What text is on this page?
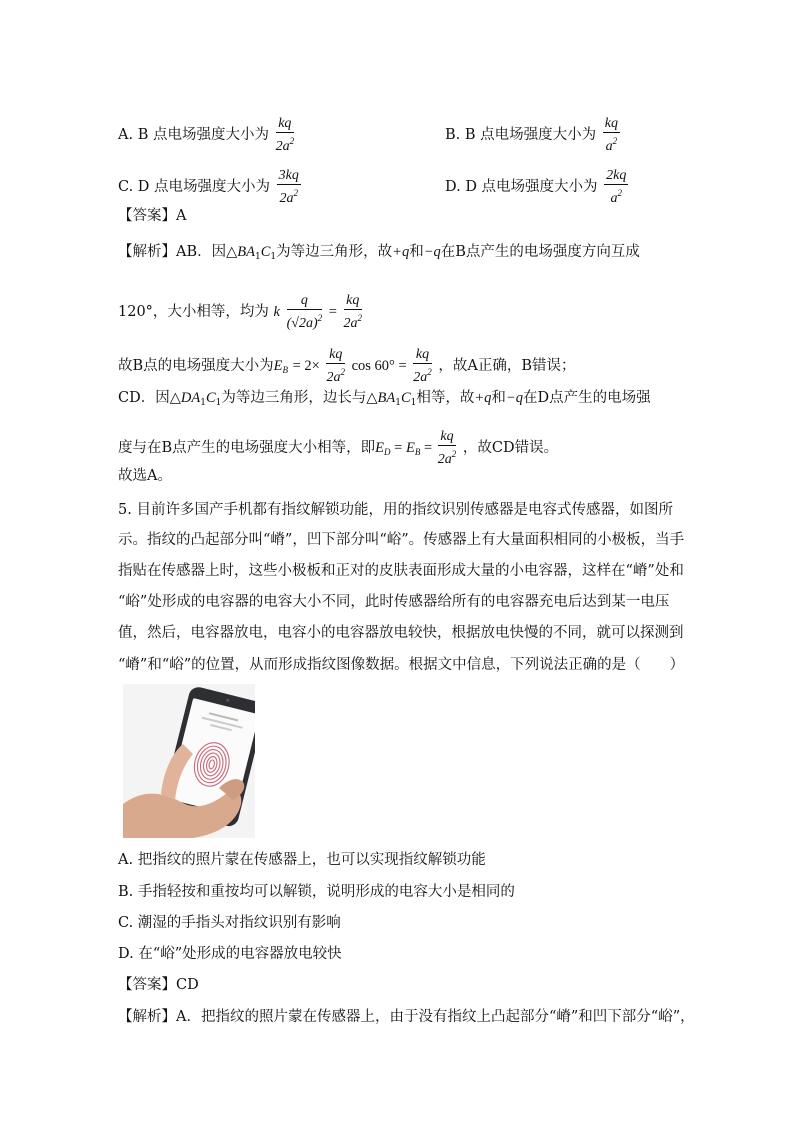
A. B 点电场强度大小为 $\frac{kq}{2a^2}$	B. B 点电场强度大小为 $\frac{kq}{a^2}$
C. D 点电场强度大小为 $\frac{3kq}{2a^2}$	D. D 点电场强度大小为 $\frac{2kq}{a^2}$
【答案】A
【解析】AB．因$\triangle BA_1C_1$为等边三角形，故+q和−q在B点产生的电场强度方向互成
120°，大小相等，均为 k $\frac{q}{(√2a)^2} = \frac{kq}{2a^2}$
故B点的电场强度大小为$E_B = 2\times \frac{kq}{2a^2}$ $\cos 60^\circ = \frac{kq}{2a^2}$ ，故A正确，B错误；
CD．因$\triangle DA_1C_1$为等边三角形，边长与$\triangle BA_1C_1$相等，故+q和−q在D点产生的电场强
度与在B点产生的电场强度大小相等，即$E_D = E_B = \frac{kq}{2a^2}$ ，故CD错误。
故选A。
5. 目前许多国产手机都有指纹解锁功能，用的指纹识别传感器是电容式传感器，如图所
示。指纹的凸起部分叫“嵴”，凹下部分叫“峪”。传感器上有大量面积相同的小极板，当手
指贴在传感器上时，这些小极板和正对的皮肤表面形成大量的小电容器，这样在“嵴”处和
“峪”处形成的电容器的电容大小不同，此时传感器给所有的电容器充电后达到某一电压
值，然后，电容器放电，电容小的电容器放电较快，根据放电快慢的不同，就可以探测到
“嵴”和“峪”的位置，从而形成指纹图像数据。根据文中信息，下列说法正确的是（　　）
A. 把指纹的照片蒙在传感器上，也可以实现指纹解锁功能
B. 手指轻按和重按均可以解锁，说明形成的电容大小是相同的
C. 潮湿的手指头对指纹识别有影响
D. 在“峪”处形成的电容器放电较快
【答案】CD
【解析】A．把指纹的照片蒙在传感器上，由于没有指纹上凸起部分“嵴”和凹下部分“峪”，
